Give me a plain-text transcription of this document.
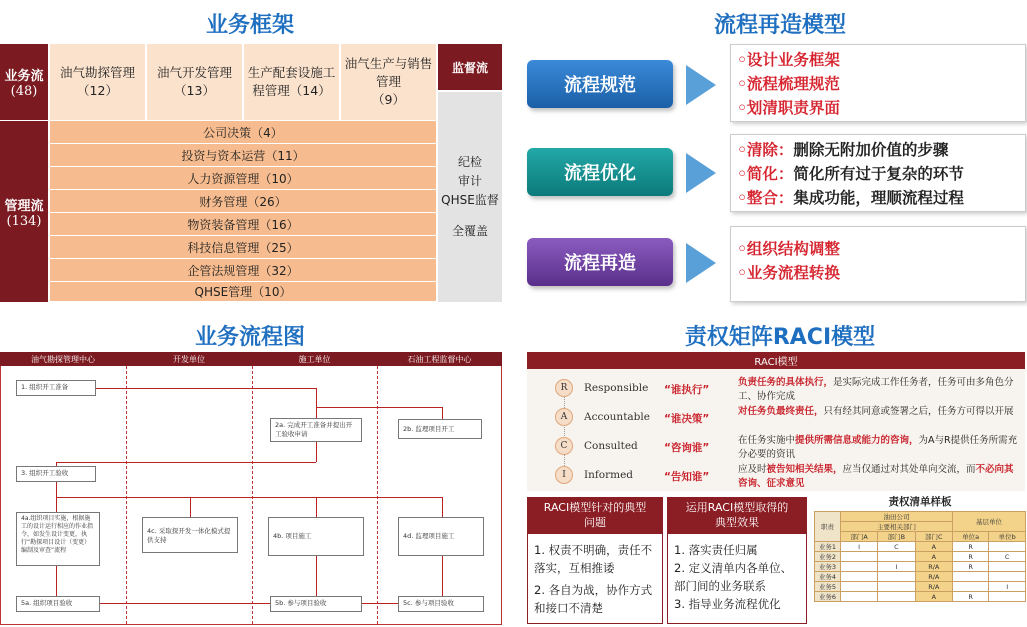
业务框架
业务流
(48)
油气勘探管理
（12）
油气开发管理
（13）
生产配套设施工程管理（14）
油气生产与销售管理
（9）
监督流
纪检
审计
QHSE监督
全覆盖
管理流
(134)
公司决策（4）
投资与资本运营（11）
人力资源管理（10）
财务管理（26）
物资装备管理（16）
科技信息管理（25）
企管法规管理（32）
QHSE管理（10）
流程再造模型
流程规范
◦设计业务框架
◦流程梳理规范
◦划清职责界面
流程优化
◦清除：删除无附加价值的步骤
◦简化：简化所有过于复杂的环节
◦整合：集成功能，理顺流程过程
流程再造
◦组织结构调整
◦业务流程转换
业务流程图
油气勘探管理中心	开发单位	施工单位	石油工程监督中心
1. 组织开工准备
2a. 完成开工准备并提出开工验收申请
2b. 监理项目开工
3. 组织开工验收
4a.组织项目实施，根据施工的设计运行相应的作业指令，如发生设计变更，执行“勘探项目设计（变更）编制及审查”流程
4c. 采取探开发一体化模式提供支持	4b. 项目施工	4d. 监理项目施工
5a. 组织项目验收	5b. 参与项目验收	5c. 参与项目验收
责权矩阵RACI模型
RACI模型
R	Responsible “谁执行”
负责任务的具体执行，是实际完成工作任务者，任务可由多角色分工、协作完成
A	Accountable “谁决策”
对任务负最终责任，只有经其同意或签署之后，任务方可得以开展
C	Consulted “咨询谁”
在任务实施中提供所需信息或能力的咨询，为A与R提供任务所需充分必要的资讯
I	Informed	“告知谁”
应及时被告知相关结果，应当仅通过对其处单向交流，而不必向其咨询、征求意见
RACI模型针对的典型问题
1. 权责不明确，责任不落实，互相推诿
2. 各自为战，协作方式和接口不清楚
运用RACI模型取得的典型效果
1. 落实责任归属
2. 定义清单内各单位、部门间的业务联系
3. 指导业务流程优化
责权清单样板
职责	油田公司			基层单位	
	主要相关部门				
	部门A	部门B	部门C	单位a	单位b
业务1	I	C	A	R	
业务2			A	R	C
业务3		I	R/A	R	
业务4			R/A		
业务5			R/A		I
业务6			A	R	
